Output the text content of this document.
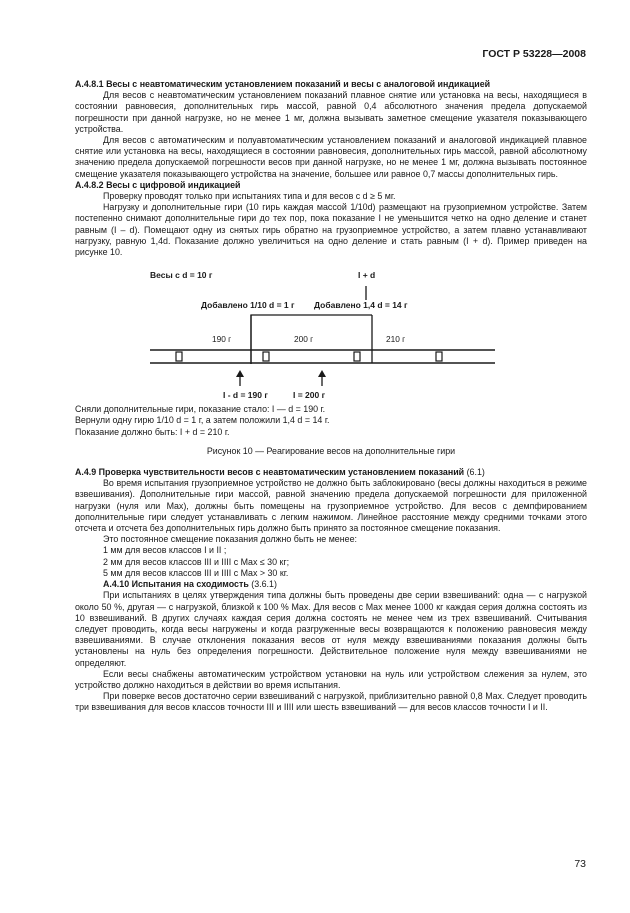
ГОСТ Р 53228—2008

А.4.8.1 Весы с неавтоматическим установлением показаний и весы с аналоговой индикацией

Для весов с неавтоматическим установлением показаний плавное снятие или установка на весы, находящиеся в состоянии равновесия, дополнительных гирь массой, равной 0,4 абсолютного значения предела допускаемой погрешности при данной нагрузке, но не менее 1 мг, должна вызывать заметное смещение указателя показывающего устройства.

Для весов с автоматическим и полуавтоматическим установлением показаний и аналоговой индикацией плавное снятие или установка на весы, находящиеся в состоянии равновесия, дополнительных гирь массой, равной абсолютному значению предела допускаемой погрешности весов при данной нагрузке, но не менее 1 мг, должна вызывать постоянное смещение указателя показывающего устройства на значение, большее или равное 0,7 массы дополнительных гирь.

А.4.8.2 Весы с цифровой индикацией

Проверку проводят только при испытаниях типа и для весов с d ≥ 5 мг.

Нагрузку и дополнительные гири (10 гирь каждая массой 1/10d) размещают на грузоприемном устройстве. Затем постепенно снимают дополнительные гири до тех пор, пока показание I не уменьшится четко на одно деление и станет равным (I – d). Помещают одну из снятых гирь обратно на грузоприемное устройство, а затем плавно устанавливают нагрузку, равную 1,4d. Показание должно увеличиться на одно деление и стать равным (I + d). Пример приведен на рисунке 10.

Весы с d = 10 г	I + d
Добавлено 1/10 d = 1 г Добавлено 1,4 d = 14 г
190 г	200 г	210 г
I - d = 190 г	I = 200 г

Сняли дополнительные гири, показание стало: I — d = 190 г.

Вернули одну гирю 1/10 d = 1 г, а затем положили 1,4 d = 14 г.

Показание должно быть: I + d = 210 г.

Рисунок 10 — Реагирование весов на дополнительные гири

А.4.9 Проверка чувствительности весов с неавтоматическим установлением показаний (6.1)

Во время испытания грузоприемное устройство не должно быть заблокировано (весы должны находиться в режиме взвешивания). Дополнительные гири массой, равной значению предела допускаемой погрешности для приложенной нагрузки (нуля или Max), должны быть помещены на грузоприемное устройство. Для весов с демпфированием дополнительные гири следует устанавливать с легким нажимом. Линейное расстояние между средними точками этого отсчета и отсчета без дополнительных гирь должно быть принято за постоянное смещение показания.

Это постоянное смещение показания должно быть не менее:

1 мм для весов классов I и II ;

2 мм для весов классов III и IIII с Max ≤ 30 кг;

5 мм для весов классов III и IIII с Max > 30 кг.

А.4.10 Испытания на сходимость (3.6.1)

При испытаниях в целях утверждения типа должны быть проведены две серии взвешиваний: одна — с нагрузкой около 50 %, другая — с нагрузкой, близкой к 100 % Max. Для весов с Max менее 1000 кг каждая серия должна состоять из 10 взвешиваний. В других случаях каждая серия должна состоять не менее чем из трех взвешиваний. Считывания следует проводить, когда весы нагружены и когда разгруженные весы возвращаются к положению равновесия между взвешиваниями. В случае отклонения показания весов от нуля между взвешиваниями показания должны быть установлены на нуль без определения погрешности. Действительное положение нуля между взвешиваниями не определяют.

Если весы снабжены автоматическим устройством установки на нуль или устройством слежения за нулем, это устройство должно находиться в действии во время испытания.

При поверке весов достаточно серии взвешиваний с нагрузкой, приблизительно равной 0,8 Max. Следует проводить три взвешивания для весов классов точности III и IIII или шесть взвешиваний — для весов классов точности I и II.

73
